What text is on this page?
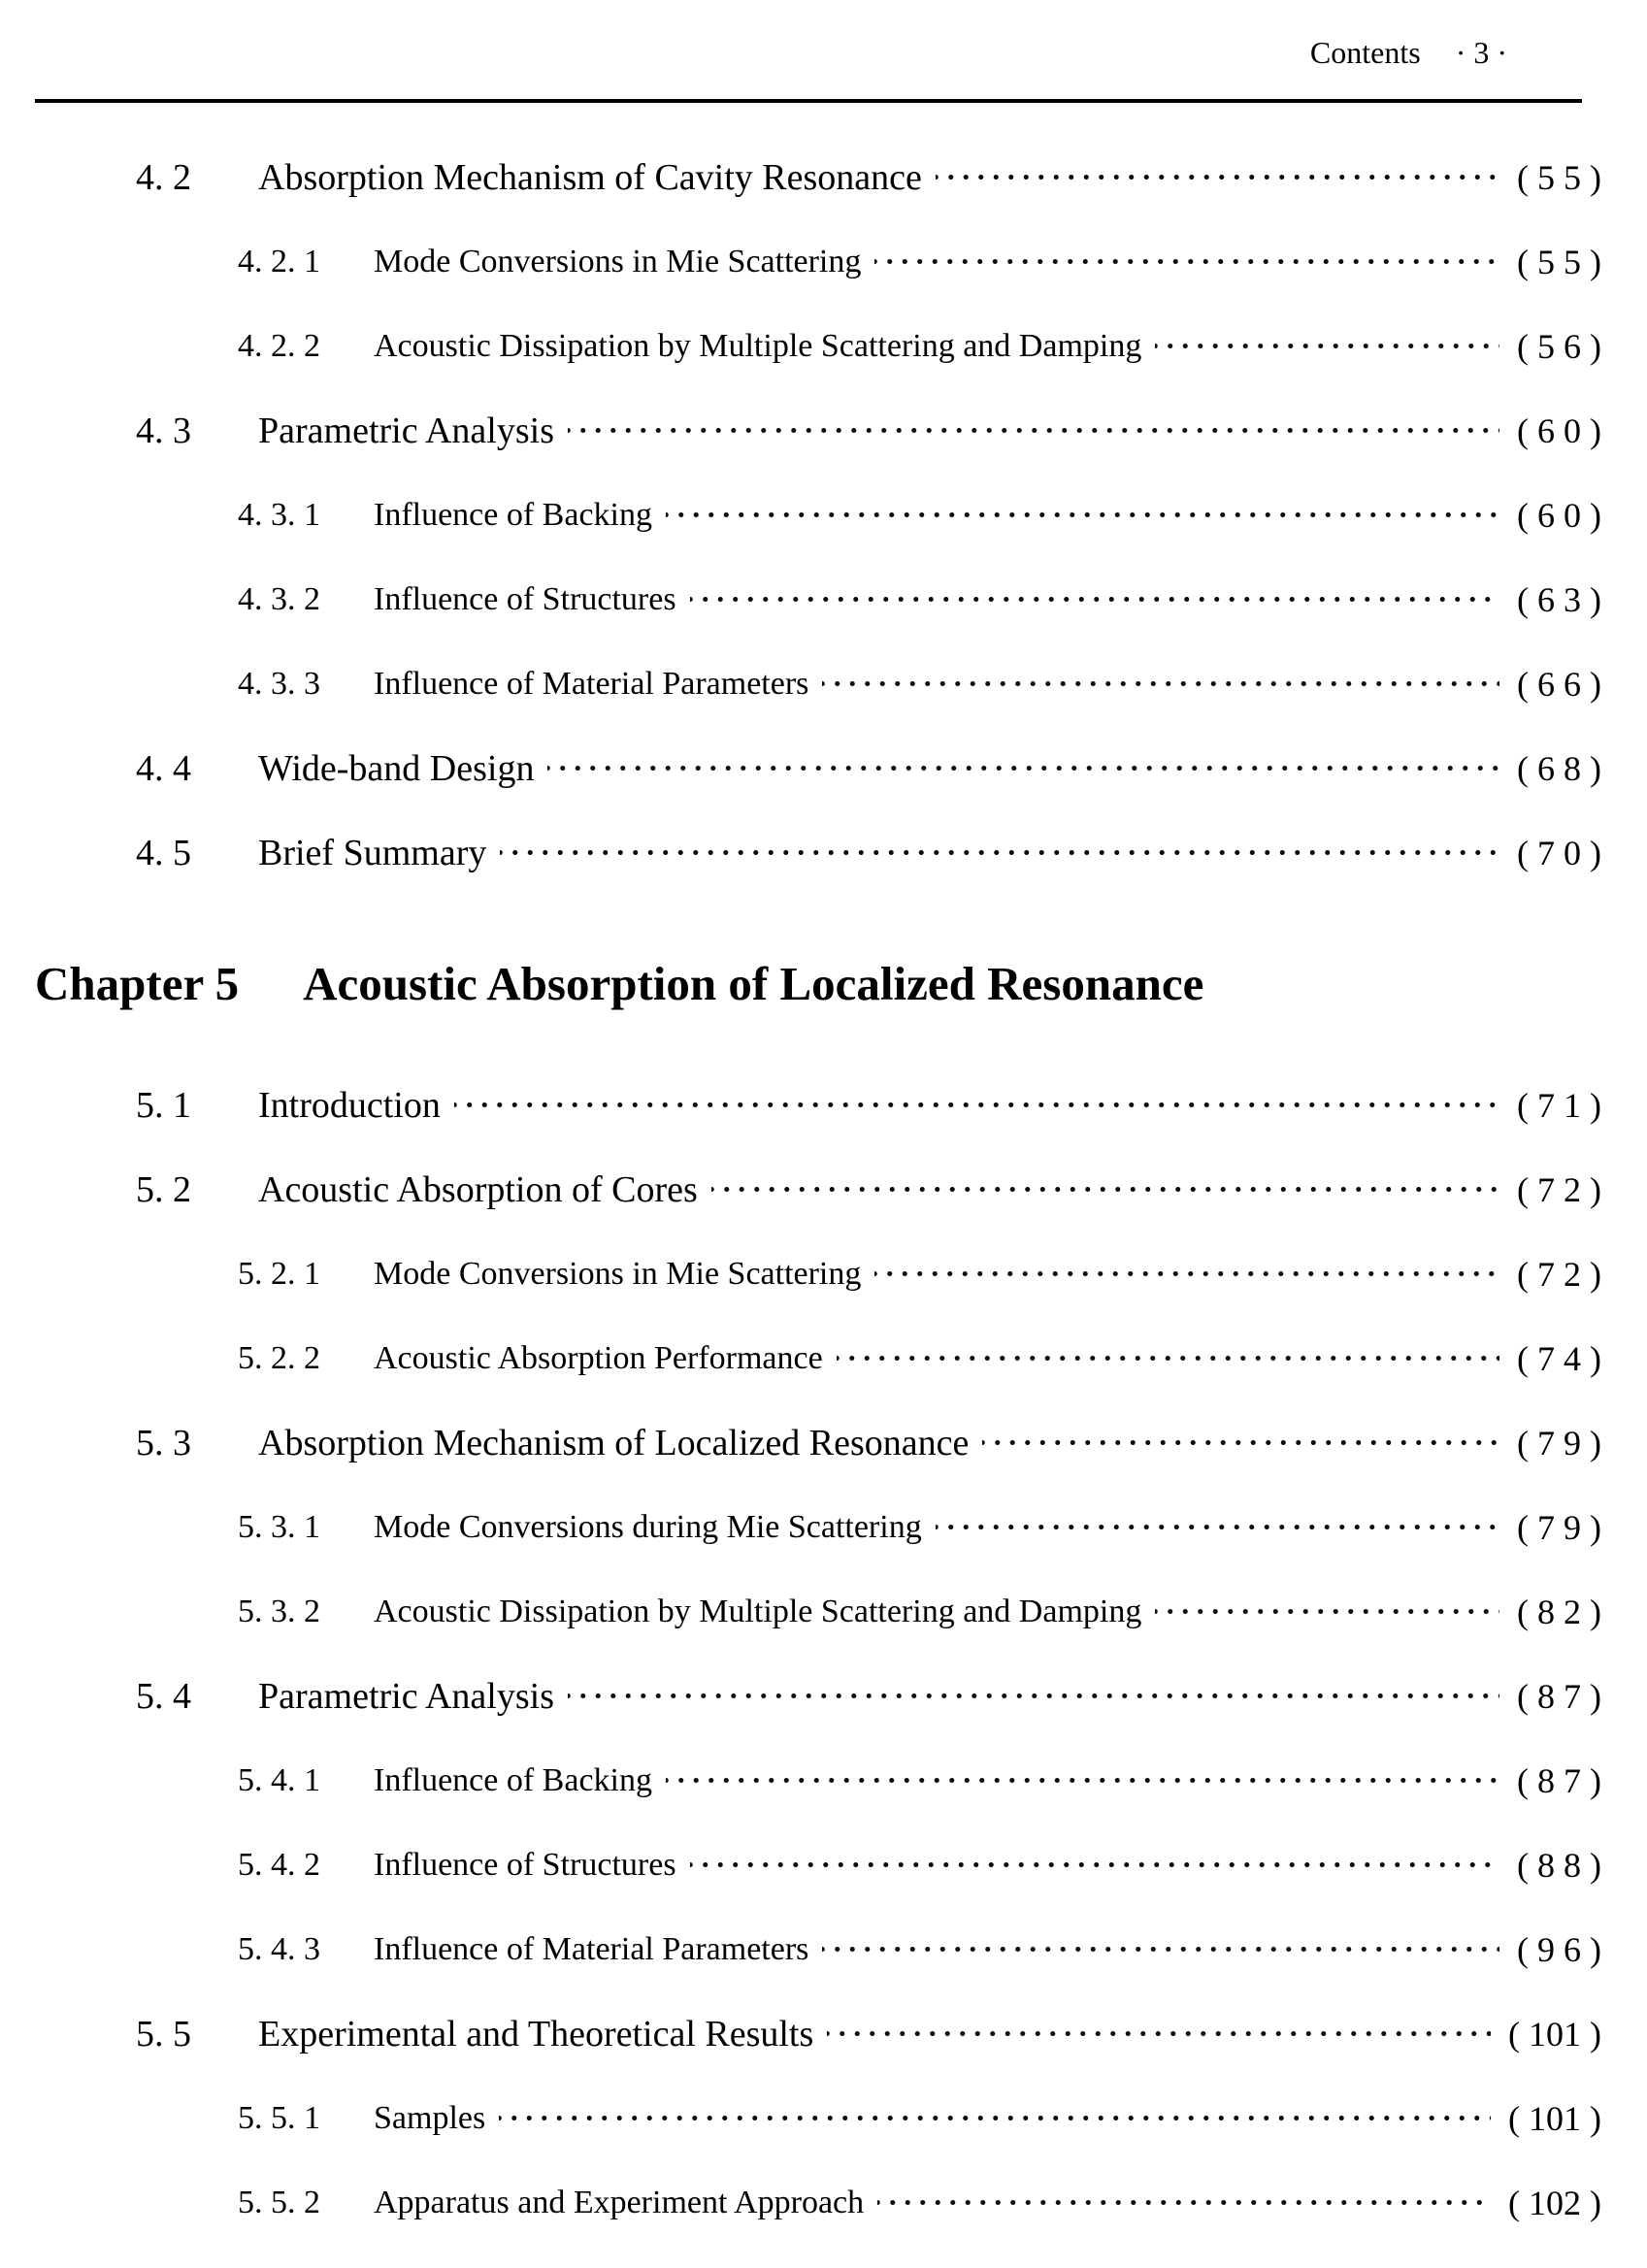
Contents · 3 ·
4. 2	Absorption Mechanism of Cavity Resonance	( 5 5 )
4. 2. 1	Mode Conversions in Mie Scattering	( 5 5 )
4. 2. 2	Acoustic Dissipation by Multiple Scattering and Damping	( 5 6 )
4. 3	Parametric Analysis	( 6 0 )
4. 3. 1	Influence of Backing	( 6 0 )
4. 3. 2	Influence of Structures	( 6 3 )
4. 3. 3	Influence of Material Parameters	( 6 6 )
4. 4	Wide-band Design	( 6 8 )
4. 5	Brief Summary	( 7 0 )
Chapter 5 Acoustic Absorption of Localized Resonance
5. 1	Introduction	( 7 1 )
5. 2	Acoustic Absorption of Cores	( 7 2 )
5. 2. 1	Mode Conversions in Mie Scattering	( 7 2 )
5. 2. 2	Acoustic Absorption Performance	( 7 4 )
5. 3	Absorption Mechanism of Localized Resonance	( 7 9 )
5. 3. 1	Mode Conversions during Mie Scattering	( 7 9 )
5. 3. 2	Acoustic Dissipation by Multiple Scattering and Damping	( 8 2 )
5. 4	Parametric Analysis	( 8 7 )
5. 4. 1	Influence of Backing	( 8 7 )
5. 4. 2	Influence of Structures	( 8 8 )
5. 4. 3	Influence of Material Parameters	( 9 6 )
5. 5	Experimental and Theoretical Results	( 101 )
5. 5. 1	Samples	( 101 )
5. 5. 2	Apparatus and Experiment Approach	( 102 )
